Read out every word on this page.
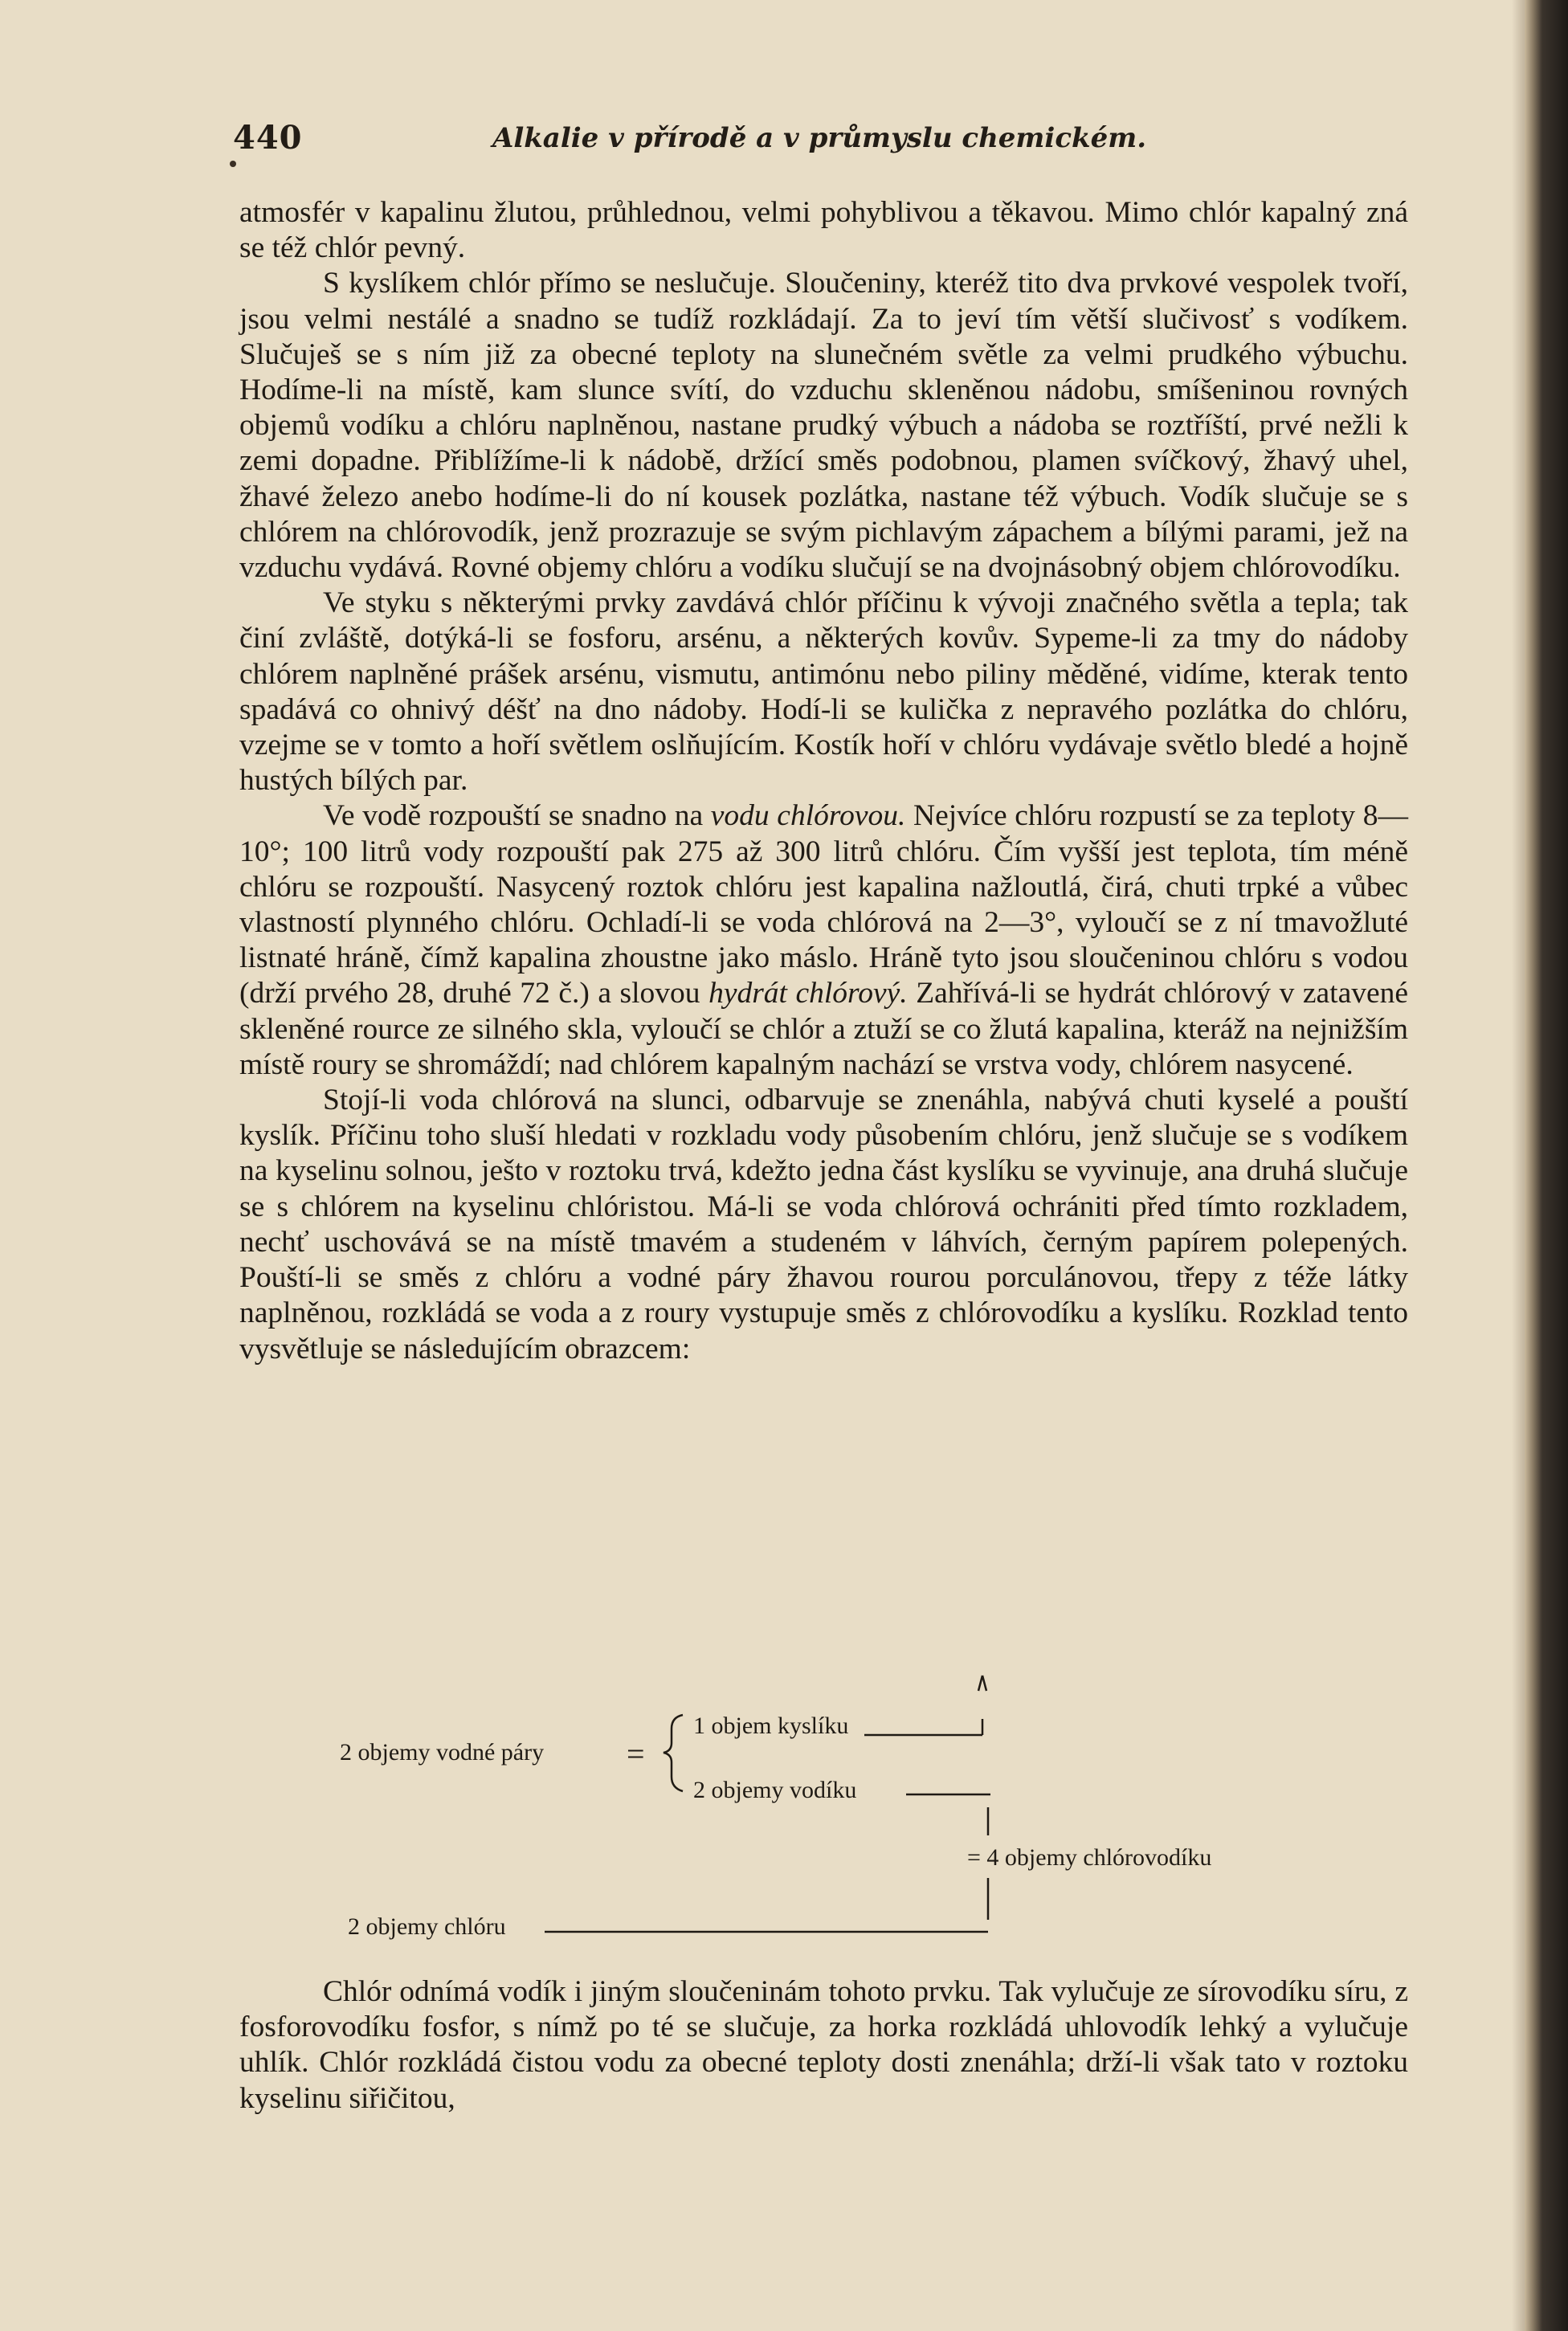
440	Alkalie v přírodě a v průmyslu chemickém.

atmosfér v kapalinu žlutou, průhlednou, velmi pohyblivou a těkavou. Mimo chlór kapalný zná se též chlór pevný.

S kyslíkem chlór přímo se neslučuje. Sloučeniny, kteréž tito dva prvkové vespolek tvoří, jsou velmi nestálé a snadno se tudíž rozkládají. Za to jeví tím větší slučivosť s vodíkem. Slučuješ se s ním již za obecné teploty na slunečném světle za velmi prudkého výbuchu. Hodíme-li na místě, kam slunce svítí, do vzduchu skleněnou nádobu, smíšeninou rovných objemů vodíku a chlóru naplněnou, nastane prudký výbuch a nádoba se roztříští, prvé nežli k zemi dopadne. Přiblížíme-li k nádobě, držící směs podobnou, plamen svíčkový, žhavý uhel, žhavé železo anebo hodíme-li do ní kousek pozlátka, nastane též výbuch. Vodík slučuje se s chlórem na chlórovodík, jenž prozrazuje se svým pichlavým zápachem a bílými parami, jež na vzduchu vydává. Rovné objemy chlóru a vodíku slučují se na dvojnásobný objem chlórovodíku.

Ve styku s některými prvky zavdává chlór příčinu k vývoji značného světla a tepla; tak činí zvláště, dotýká-li se fosforu, arsénu, a některých kovův. Sypeme-li za tmy do nádoby chlórem naplněné prášek arsénu, vismutu, antimónu nebo piliny měděné, vidíme, kterak tento spadává co ohnivý déšť na dno nádoby. Hodí-li se kulička z nepravého pozlátka do chlóru, vzejme se v tomto a hoří světlem oslňujícím. Kostík hoří v chlóru vydávaje světlo bledé a hojně hustých bílých par.

Ve vodě rozpouští se snadno na vodu chlórovou. Nejvíce chlóru rozpustí se za teploty 8—10°; 100 litrů vody rozpouští pak 275 až 300 litrů chlóru. Čím vyšší jest teplota, tím méně chlóru se rozpouští. Nasycený roztok chlóru jest kapalina nažloutlá, čirá, chuti trpké a vůbec vlastností plynného chlóru. Ochladí-li se voda chlórová na 2—3°, vyloučí se z ní tmavožluté listnaté hráně, čímž kapalina zhoustne jako máslo. Hráně tyto jsou sloučeninou chlóru s vodou (drží prvého 28, druhé 72 č.) a slovou hydrát chlórový. Zahřívá-li se hydrát chlórový v zatavené skleněné rource ze silného skla, vyloučí se chlór a ztuží se co žlutá kapalina, kteráž na nejnižším místě roury se shromáždí; nad chlórem kapalným nachází se vrstva vody, chlórem nasycené.

Stojí-li voda chlórová na slunci, odbarvuje se znenáhla, nabývá chuti kyselé a pouští kyslík. Příčinu toho sluší hledati v rozkladu vody působením chlóru, jenž slučuje se s vodíkem na kyselinu solnou, ješto v roztoku trvá, kdežto jedna část kyslíku se vyvinuje, ana druhá slučuje se s chlórem na kyselinu chlóristou. Má-li se voda chlórová ochrániti před tímto rozkladem, nechť uschovává se na místě tmavém a studeném v láhvích, černým papírem polepených. Pouští-li se směs z chlóru a vodné páry žhavou rourou porculánovou, třepy z téže látky naplněnou, rozkládá se voda a z roury vystupuje směs z chlórovodíku a kyslíku. Rozklad tento vysvětluje se následujícím obrazcem:

2 objemy vodné páry	=
1 objem kyslíku
2 objemy vodíku
= 4 objemy chlórovodíku
2 objemy chlóru

Chlór odnímá vodík i jiným sloučeninám tohoto prvku. Tak vylučuje ze sírovodíku síru, z fosforovodíku fosfor, s nímž po té se slučuje, za horka rozkládá uhlovodík lehký a vylučuje uhlík. Chlór rozkládá čistou vodu za obecné teploty dosti znenáhla; drží-li však tato v roztoku kyselinu siřičitou,
